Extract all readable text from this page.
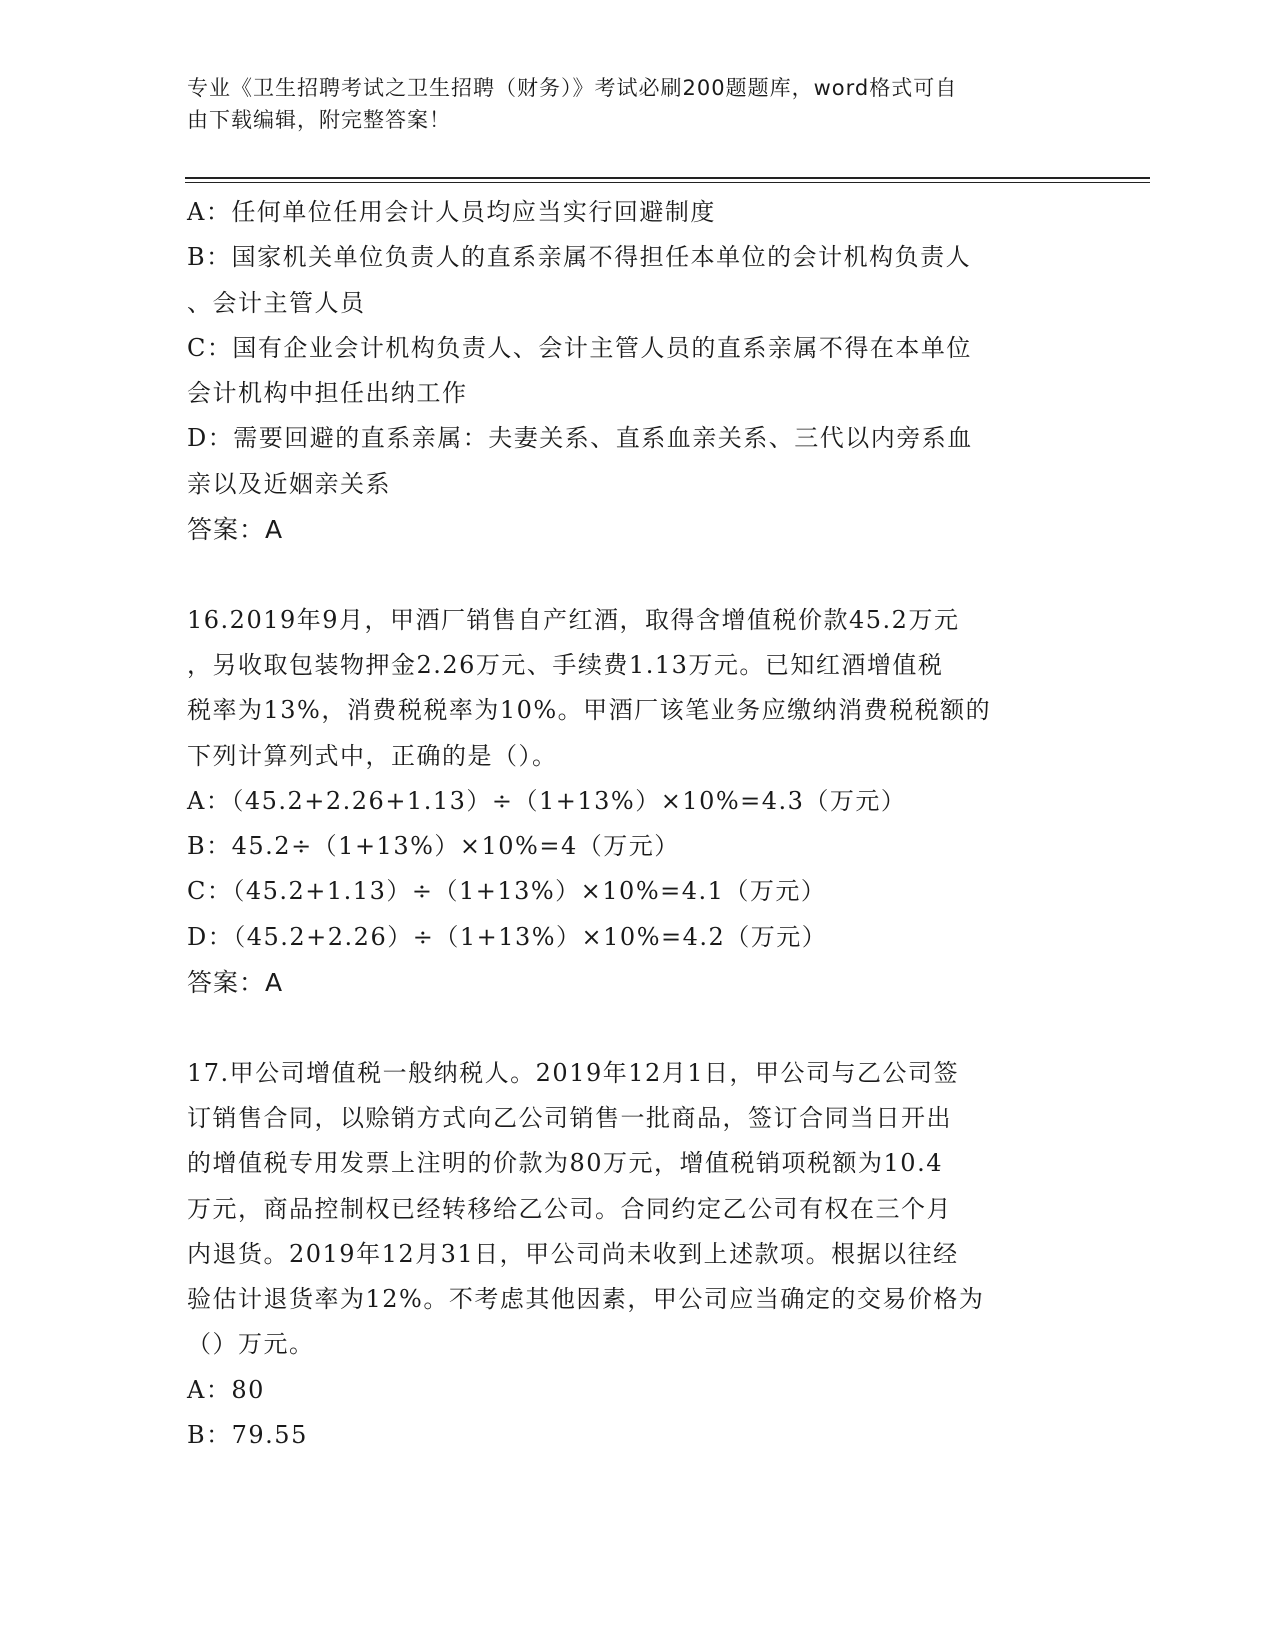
专业《卫生招聘考试之卫生招聘（财务）》考试必刷200题题库，word格式可自
由下载编辑，附完整答案！
A：任何单位任用会计人员均应当实行回避制度
B：国家机关单位负责人的直系亲属不得担任本单位的会计机构负责人
、会计主管人员
C：国有企业会计机构负责人、会计主管人员的直系亲属不得在本单位
会计机构中担任出纳工作
D：需要回避的直系亲属：夫妻关系、直系血亲关系、三代以内旁系血
亲以及近姻亲关系
答案：A
16.2019年9月，甲酒厂销售自产红酒，取得含增值税价款45.2万元
，另收取包装物押金2.26万元、手续费1.13万元。已知红酒增值税
税率为13%，消费税税率为10%。甲酒厂该笔业务应缴纳消费税税额的
下列计算列式中，正确的是（）。
A：（45.2+2.26+1.13）÷（1+13%）×10%=4.3（万元）
B：45.2÷（1+13%）×10%=4（万元）
C：（45.2+1.13）÷（1+13%）×10%=4.1（万元）
D：（45.2+2.26）÷（1+13%）×10%=4.2（万元）
答案：A
17.甲公司增值税一般纳税人。2019年12月1日，甲公司与乙公司签
订销售合同，以赊销方式向乙公司销售一批商品，签订合同当日开出
的增值税专用发票上注明的价款为80万元，增值税销项税额为10.4
万元，商品控制权已经转移给乙公司。合同约定乙公司有权在三个月
内退货。2019年12月31日，甲公司尚未收到上述款项。根据以往经
验估计退货率为12%。不考虑其他因素，甲公司应当确定的交易价格为
（）万元。
A：80
B：79.55
